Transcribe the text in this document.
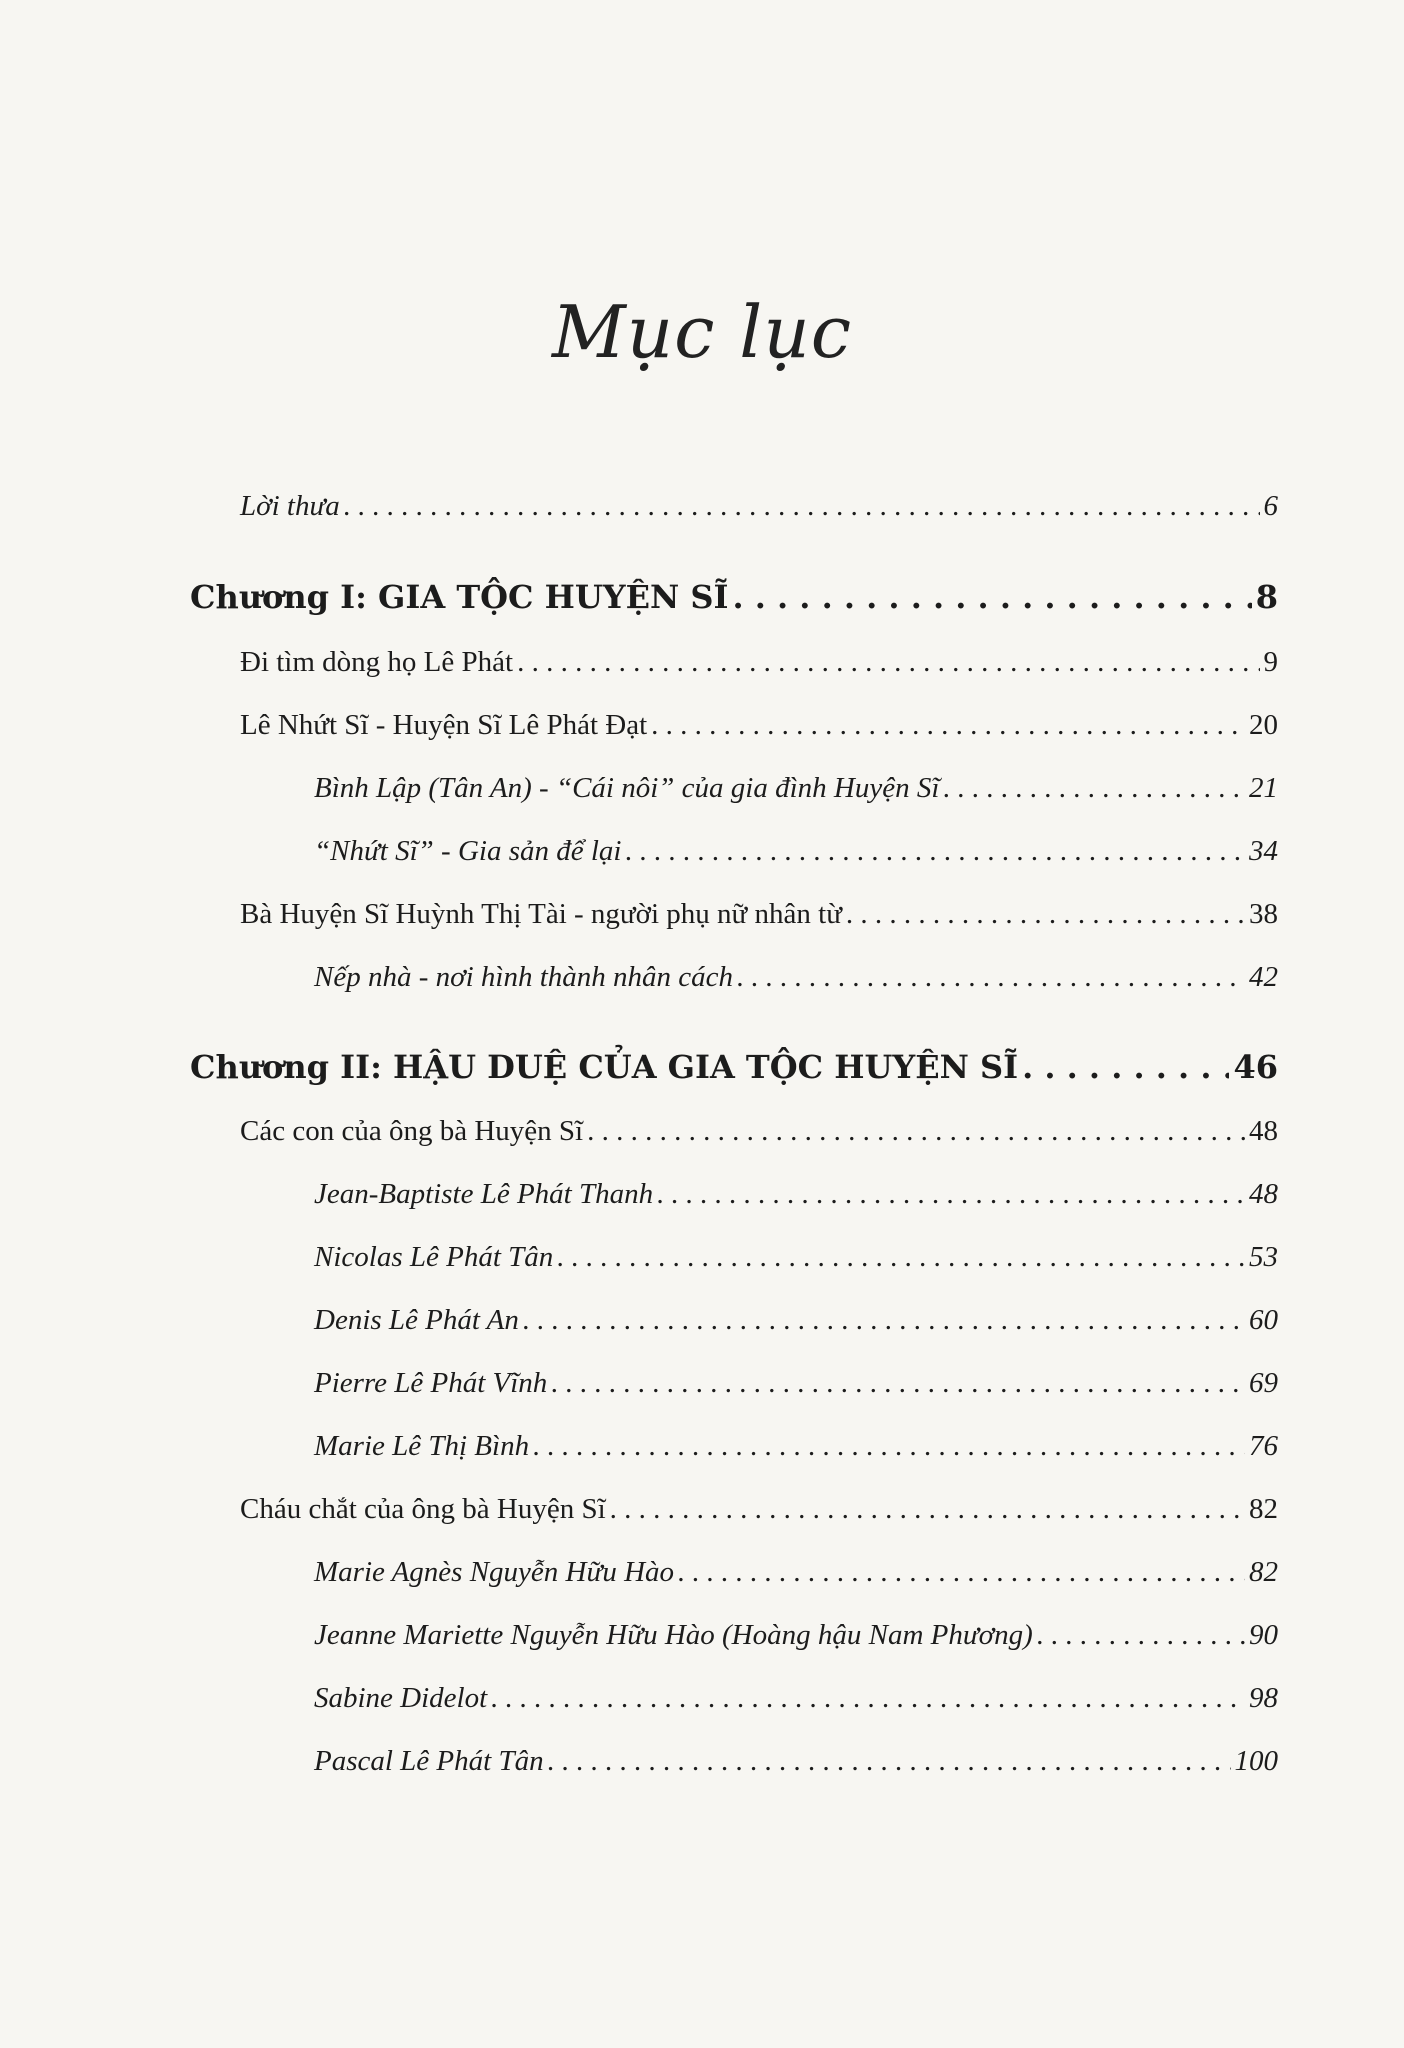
Mục lục
Lời thưa . . .	6
Chương I: GIA TỘC HUYỆN SĨ . . .	8
Đi tìm dòng họ Lê Phát . . .	9
Lê Nhứt Sĩ - Huyện Sĩ Lê Phát Đạt . . .	20
Bình Lập (Tân An) - “Cái nôi” của gia đình Huyện Sĩ . . .	21
“Nhứt Sĩ” - Gia sản để lại . . .	34
Bà Huyện Sĩ Huỳnh Thị Tài - người phụ nữ nhân từ . . .	38
Nếp nhà - nơi hình thành nhân cách . . .	42
Chương II: HẬU DUỆ CỦA GIA TỘC HUYỆN SĨ . . .	46
Các con của ông bà Huyện Sĩ . . .	48
Jean-Baptiste Lê Phát Thanh . . .	48
Nicolas Lê Phát Tân . . .	53
Denis Lê Phát An . . .	60
Pierre Lê Phát Vĩnh . . .	69
Marie Lê Thị Bình . . .	76
Cháu chắt của ông bà Huyện Sĩ . . .	82
Marie Agnès Nguyễn Hữu Hào . . .	82
Jeanne Mariette Nguyễn Hữu Hào (Hoàng hậu Nam Phương) . . .	90
Sabine Didelot . . .	98
Pascal Lê Phát Tân . . .	100
